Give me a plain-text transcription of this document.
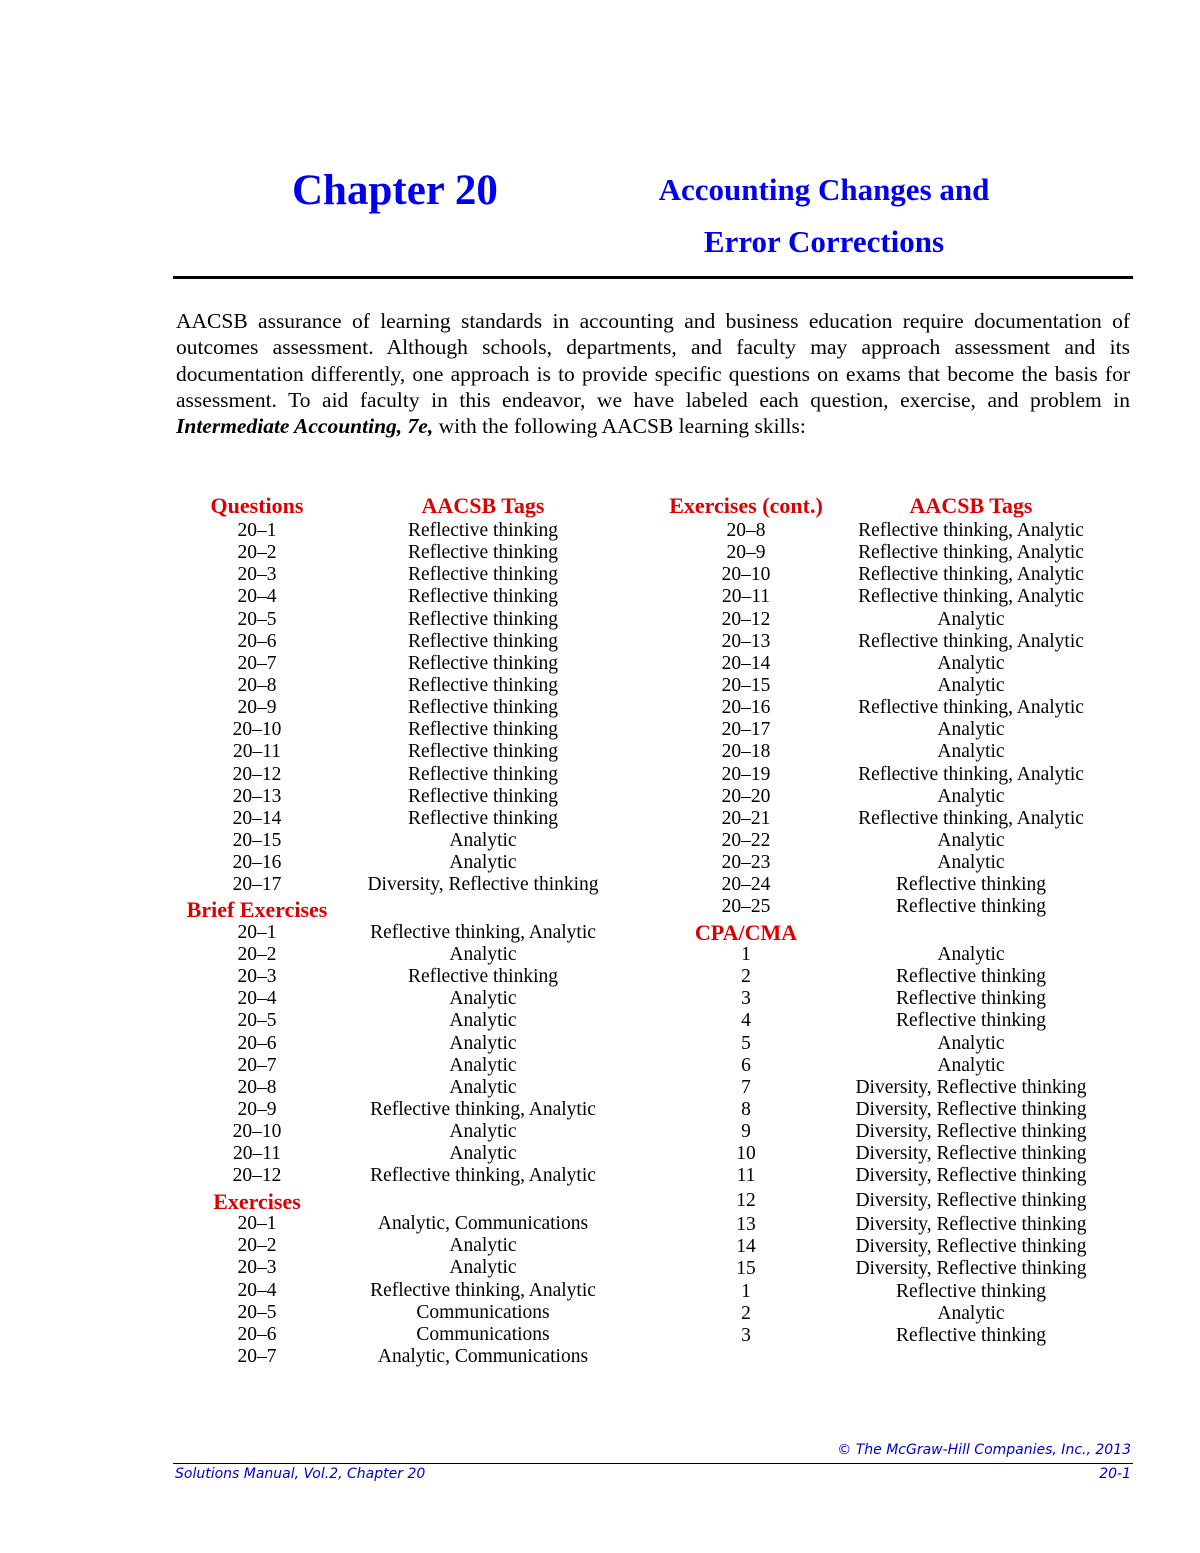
Chapter 20	Accounting Changes and
Error Corrections

AACSB assurance of learning standards in accounting and business education require documentation of outcomes assessment. Although schools, departments, and faculty may approach assessment and its documentation differently, one approach is to provide specific questions on exams that become the basis for assessment. To aid faculty in this endeavor, we have labeled each question, exercise, and problem in Intermediate Accounting, 7e, with the following AACSB learning skills:

Questions	AACSB Tags
20–1	Reflective thinking
20–2	Reflective thinking
20–3	Reflective thinking
20–4	Reflective thinking
20–5	Reflective thinking
20–6	Reflective thinking
20–7	Reflective thinking
20–8	Reflective thinking
20–9	Reflective thinking
20–10	Reflective thinking
20–11	Reflective thinking
20–12	Reflective thinking
20–13	Reflective thinking
20–14	Reflective thinking
20–15	Analytic
20–16	Analytic
20–17	Diversity, Reflective thinking
Brief Exercises
20–1	Reflective thinking, Analytic
20–2	Analytic
20–3	Reflective thinking
20–4	Analytic
20–5	Analytic
20–6	Analytic
20–7	Analytic
20–8	Analytic
20–9	Reflective thinking, Analytic
20–10	Analytic
20–11	Analytic
20–12	Reflective thinking, Analytic
Exercises
20–1	Analytic, Communications
20–2	Analytic
20–3	Analytic
20–4	Reflective thinking, Analytic
20–5	Communications
20–6	Communications
20–7	Analytic, Communications
Exercises (cont.)	AACSB Tags
20–8	Reflective thinking, Analytic
20–9	Reflective thinking, Analytic
20–10	Reflective thinking, Analytic
20–11	Reflective thinking, Analytic
20–12	Analytic
20–13	Reflective thinking, Analytic
20–14	Analytic
20–15	Analytic
20–16	Reflective thinking, Analytic
20–17	Analytic
20–18	Analytic
20–19	Reflective thinking, Analytic
20–20	Analytic
20–21	Reflective thinking, Analytic
20–22	Analytic
20–23	Analytic
20–24	Reflective thinking
20–25	Reflective thinking
CPA/CMA
1	Analytic
2	Reflective thinking
3	Reflective thinking
4	Reflective thinking
5	Analytic
6	Analytic
7	Diversity, Reflective thinking
8	Diversity, Reflective thinking
9	Diversity, Reflective thinking
10	Diversity, Reflective thinking
11	Diversity, Reflective thinking
12	Diversity, Reflective thinking
13	Diversity, Reflective thinking
14	Diversity, Reflective thinking
15	Diversity, Reflective thinking
1	Reflective thinking
2	Analytic
3	Reflective thinking

© The McGraw-Hill Companies, Inc., 2013

Solutions Manual, Vol.2, Chapter 20	20-1
